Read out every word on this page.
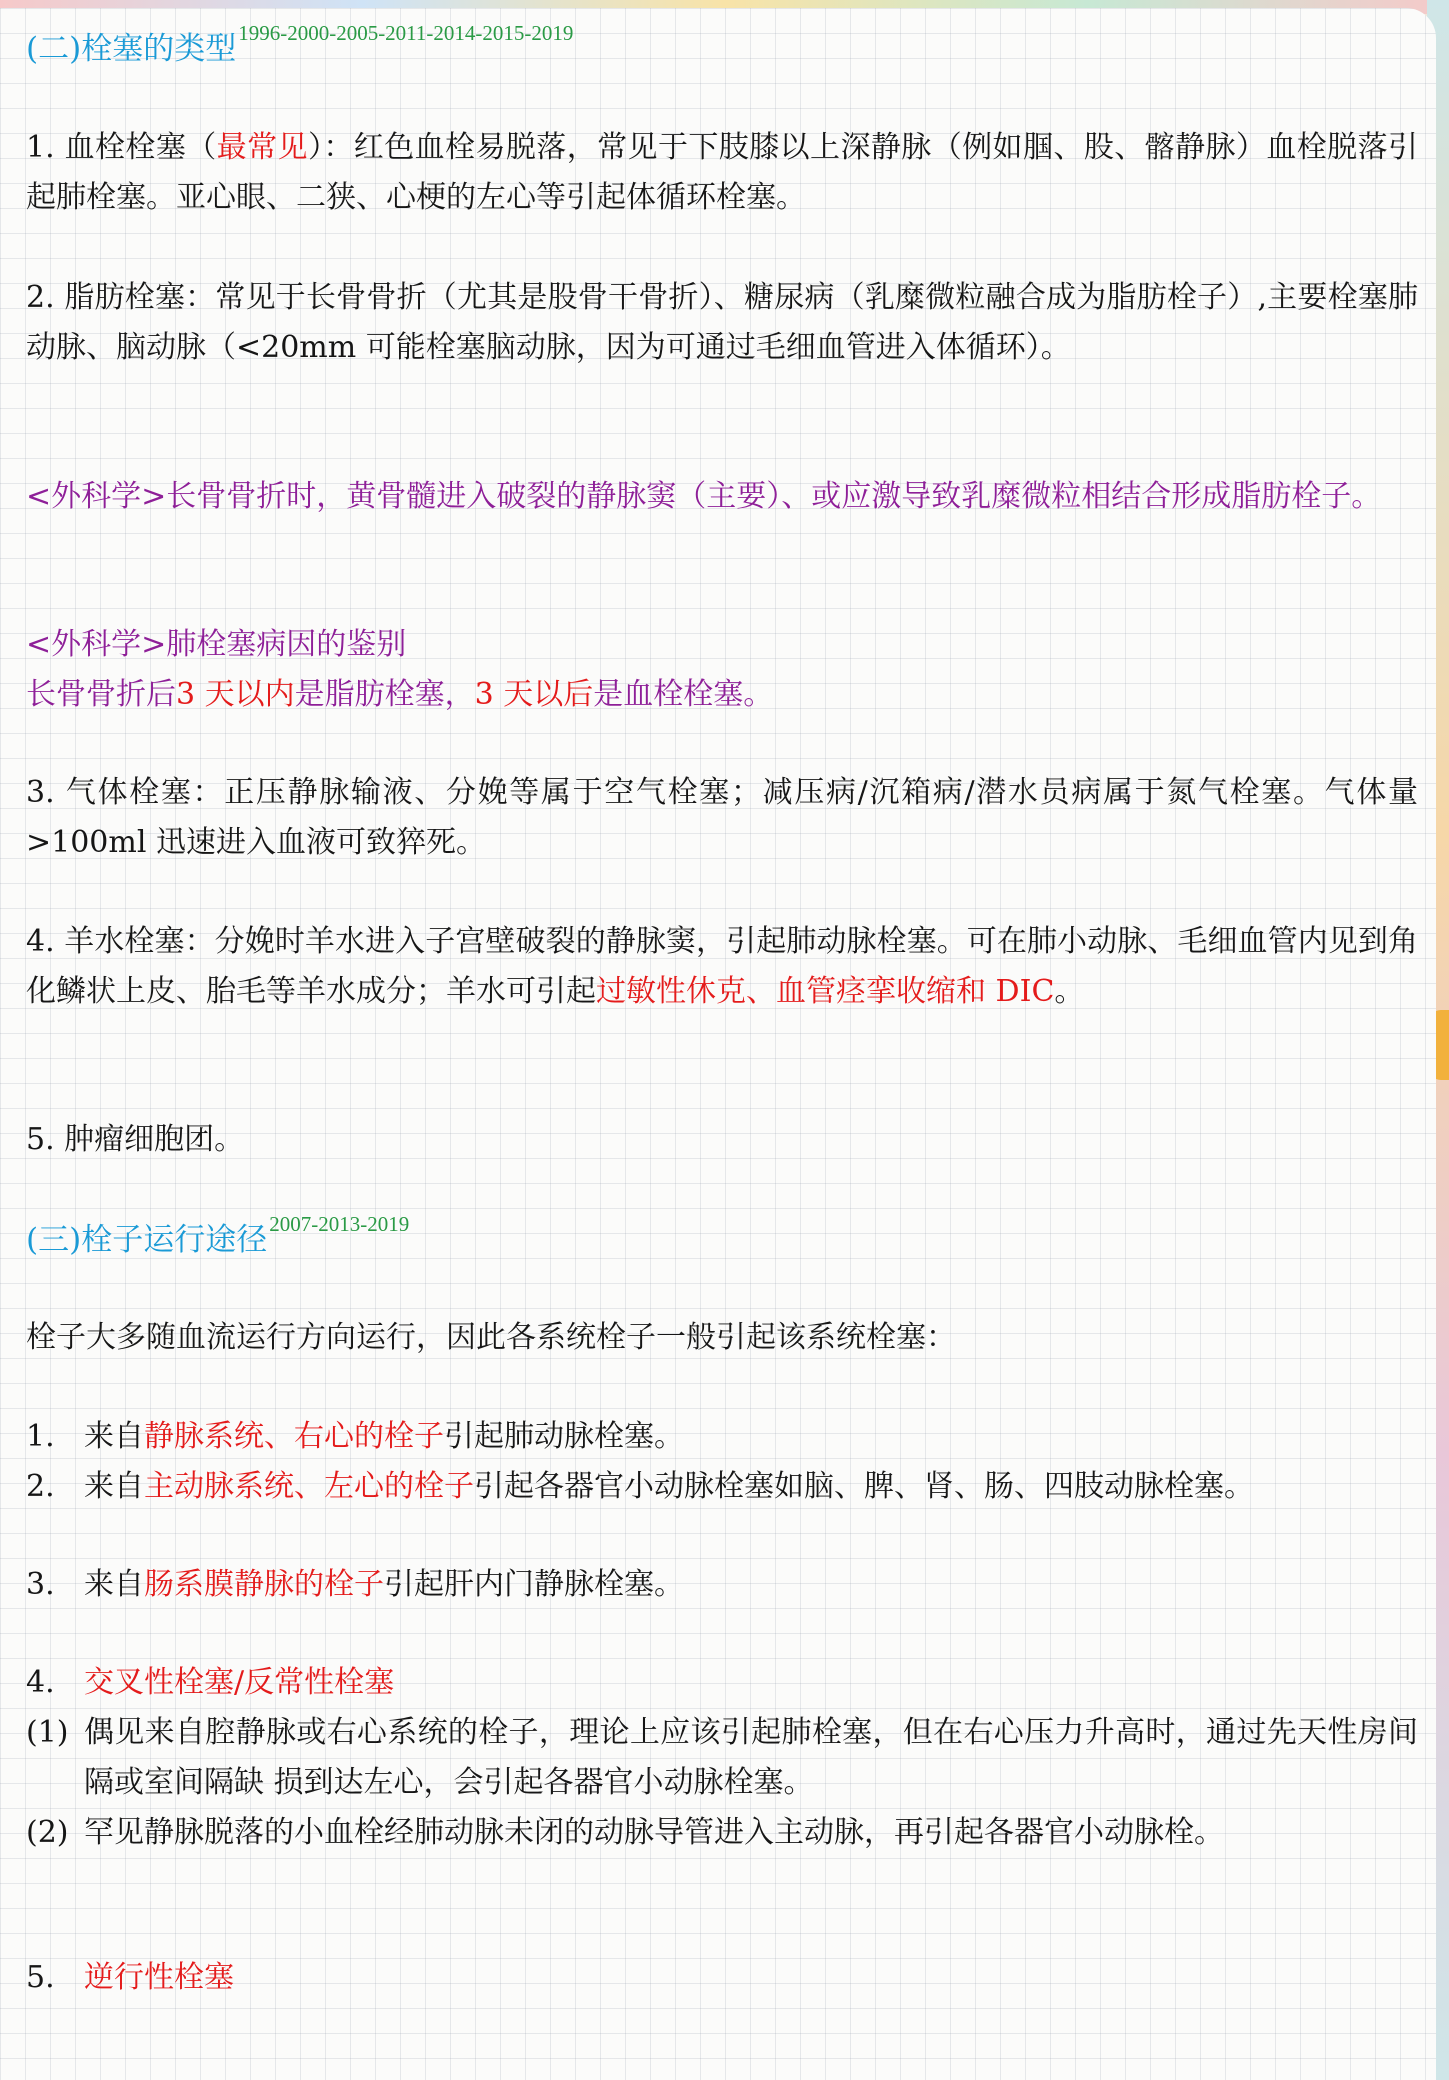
(二)栓塞的类型$^{1996-2000-2005-2011-2014-2015-2019}$

1. 血栓栓塞（最常见）：红色血栓易脱落，常见于下肢膝以上深静脉（例如腘、股、髂静脉）血栓脱落引起肺栓塞。亚心眼、二狭、心梗的左心等引起体循环栓塞。

2. 脂肪栓塞：常见于长骨骨折（尤其是股骨干骨折）、糖尿病（乳糜微粒融合成为脂肪栓子）,主要栓塞肺动脉、脑动脉（<20mm 可能栓塞脑动脉，因为可通过毛细血管进入体循环）。

<外科学>长骨骨折时，黄骨髓进入破裂的静脉窦（主要）、或应激导致乳糜微粒相结合形成脂肪栓子。

<外科学>肺栓塞病因的鉴别
长骨骨折后3 天以内是脂肪栓塞，3 天以后是血栓栓塞。

3. 气体栓塞：正压静脉输液、分娩等属于空气栓塞；减压病/沉箱病/潜水员病属于氮气栓塞。气体量>100ml 迅速进入血液可致猝死。

4. 羊水栓塞：分娩时羊水进入子宫壁破裂的静脉窦，引起肺动脉栓塞。可在肺小动脉、毛细血管内见到角化鳞状上皮、胎毛等羊水成分；羊水可引起过敏性休克、血管痉挛收缩和 DIC。

5. 肿瘤细胞团。

(三)栓子运行途径$^{2007-2013-2019}$

栓子大多随血流运行方向运行，因此各系统栓子一般引起该系统栓塞：

1. 来自静脉系统、右心的栓子引起肺动脉栓塞。

2. 来自主动脉系统、左心的栓子引起各器官小动脉栓塞如脑、脾、肾、肠、四肢动脉栓塞。

3. 来自肠系膜静脉的栓子引起肝内门静脉栓塞。

4. 交叉性栓塞/反常性栓塞

(1) 偶见来自腔静脉或右心系统的栓子，理论上应该引起肺栓塞，但在右心压力升高时，通过先天性房间隔或室间隔缺 损到达左心，会引起各器官小动脉栓塞。
(2) 罕见静脉脱落的小血栓经肺动脉未闭的动脉导管进入主动脉，再引起各器官小动脉栓。

5. 逆行性栓塞
